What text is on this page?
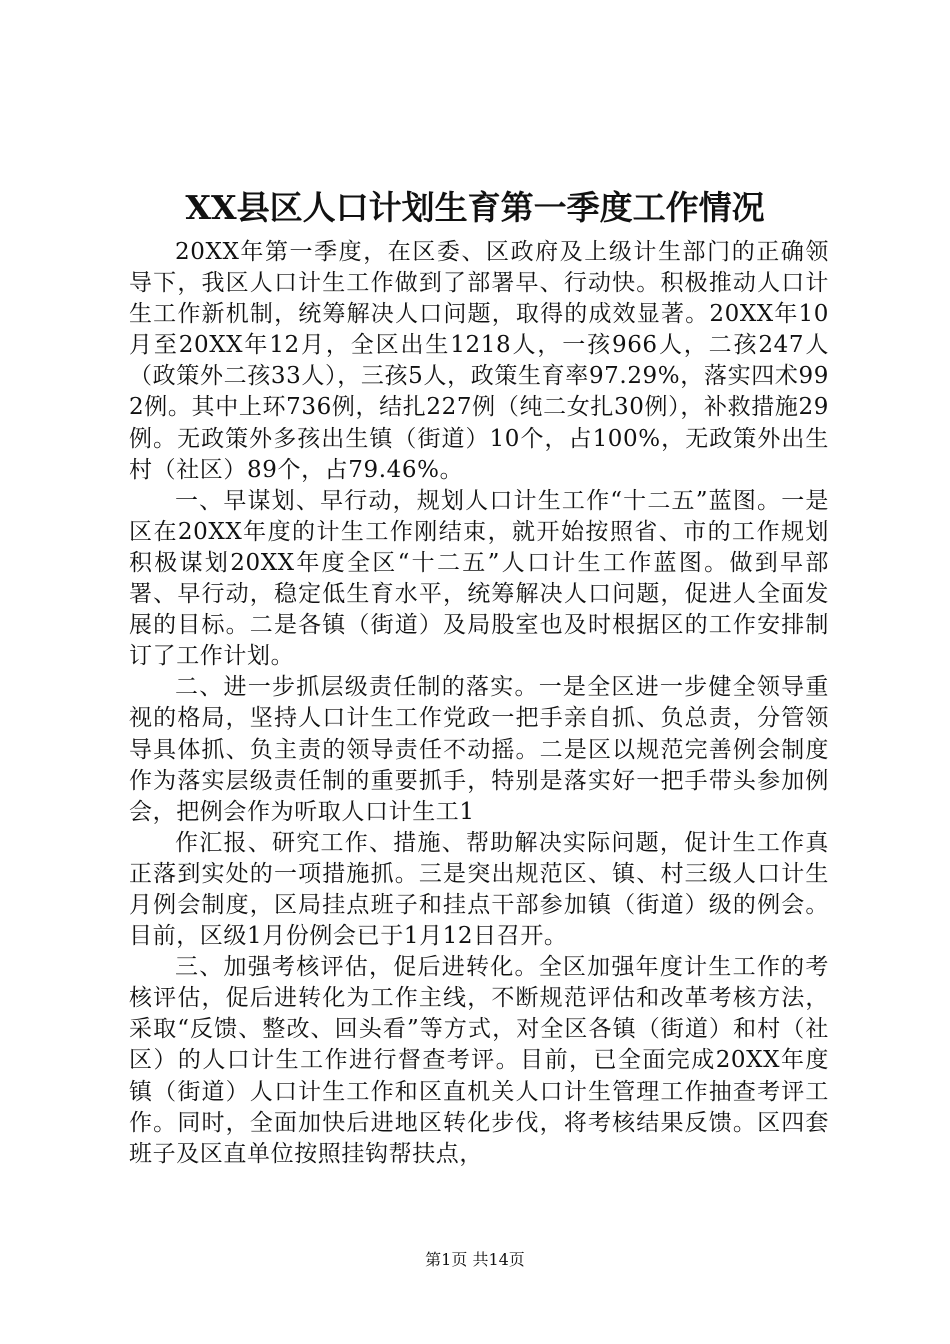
XX县区人口计划生育第一季度工作情况

20XX年第一季度，在区委、区政府及上级计生部门的正确领导下，我区人口计生工作做到了部署早、行动快。积极推动人口计生工作新机制，统筹解决人口问题，取得的成效显著。20XX年10月至20XX年12月，全区出生1218人，一孩966人，二孩247人（政策外二孩33人），三孩5人，政策生育率97.29%，落实四术992例。其中上环736例，结扎227例（纯二女扎30例），补救措施29例。无政策外多孩出生镇（街道）10个，占100%，无政策外出生村（社区）89个，占79.46%。

一、早谋划、早行动，规划人口计生工作“十二五”蓝图。一是区在20XX年度的计生工作刚结束，就开始按照省、市的工作规划积极谋划20XX年度全区“十二五”人口计生工作蓝图。做到早部署、早行动，稳定低生育水平，统筹解决人口问题，促进人全面发展的目标。二是各镇（街道）及局股室也及时根据区的工作安排制订了工作计划。

二、进一步抓层级责任制的落实。一是全区进一步健全领导重视的格局，坚持人口计生工作党政一把手亲自抓、负总责，分管领导具体抓、负主责的领导责任不动摇。二是区以规范完善例会制度作为落实层级责任制的重要抓手，特别是落实好一把手带头参加例会，把例会作为听取人口计生工1

作汇报、研究工作、措施、帮助解决实际问题，促计生工作真正落到实处的一项措施抓。三是突出规范区、镇、村三级人口计生月例会制度，区局挂点班子和挂点干部参加镇（街道）级的例会。目前，区级1月份例会已于1月12日召开。

三、加强考核评估，促后进转化。全区加强年度计生工作的考核评估，促后进转化为工作主线，不断规范评估和改革考核方法，采取“反馈、整改、回头看”等方式，对全区各镇（街道）和村（社区）的人口计生工作进行督查考评。目前，已全面完成20XX年度镇（街道）人口计生工作和区直机关人口计生管理工作抽查考评工作。同时，全面加快后进地区转化步伐，将考核结果反馈。区四套班子及区直单位按照挂钩帮扶点，

第1页 共14页
